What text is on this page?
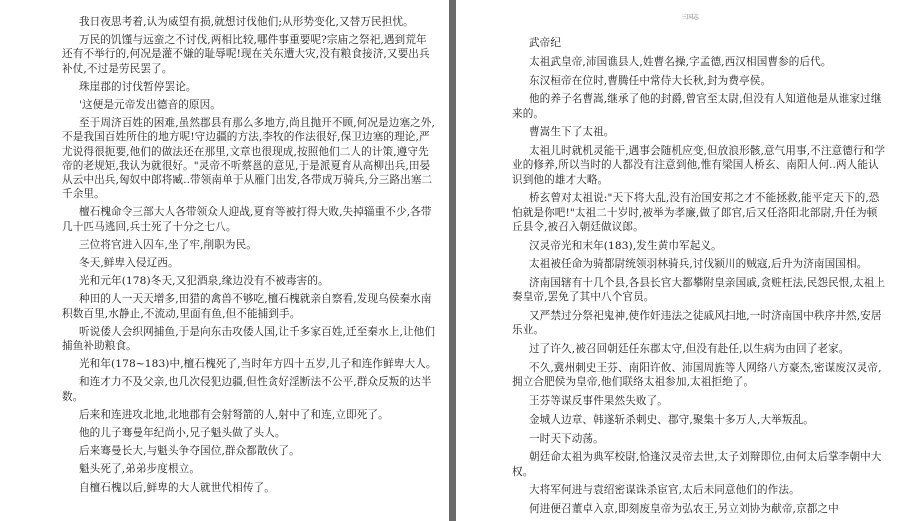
我日夜思考着,认为威望有损,就想讨伐他们;从形势变化,又替万民担忧。

万民的饥馑与远蛮之不讨伐,两相比较,哪件事重要呢?宗庙之祭祀,遇到荒年还有不举行的,何况是灌不嫌的耻辱呢!现在关东遭大灾,没有粮食接济,又要出兵补仗,不过是劳民罢了。

珠崖郡的讨伐暂停罢论。

'这便是元帝发出德音的原因。

至于周济百姓的困难,虽然郡县有那么多地方,尚且抛开不顾,何况是边塞之外,不是我国百姓所住的地方呢!守边疆的方法,李牧的作法很好,保卫边塞的理论,严尤说得很扼要,他们的做法还在那里,文章也很现成,按照他们二人的计策,遵守先帝的老规矩,我认为就很好。"灵帝不听蔡邕的意见,于是派夏育从高柳出兵,田晏从云中出兵,匈奴中郎将臧..带领南单于从雁门出发,各带成万骑兵,分三路出塞二千余里。

檀石槐命令三部大人各带领众人迎战,夏育等被打得大败,失掉辎重不少,各带几十匹马逃回,兵士死了十分之七八。

三位将官进入囚车,坐了牢,削职为民。

冬天,鲜卑入侵辽西。

光和元年(178)冬天,又犯酒泉,缘边没有不被毒害的。

种田的人一天天增多,田猎的禽兽不够吃,檀石槐就亲自察看,发现乌侯秦水南积数百里,水静止,不流动,里面有鱼,但不能捕到手。

听说倭人会织网捕鱼,于是向东击攻倭人国,让千多家百姓,迁至秦水上,让他们捕鱼补助粮食。

光和年(178~183)中,檀石槐死了,当时年方四十五岁,儿子和连作鲜卑大人。

和连才力不及父亲,也几次侵犯边疆,但性贪好淫断法不公平,群众反叛的达半数。

后来和连进攻北地,北地郡有会射弩箭的人,射中了和连,立即死了。

他的儿子骞曼年纪尚小,兄子魁头做了头人。

后来骞曼长大,与魁头争夺国位,群众都散伙了。

魁头死了,弟弟步度根立。

自檀石槐以后,鲜卑的大人就世代相传了。

三国志

武帝纪

太祖武皇帝,沛国谯县人,姓曹名操,字孟德,西汉相国曹参的后代。

东汉桓帝在位时,曹腾任中常侍大长秋,封为费亭侯。

他的养子名曹嵩,继承了他的封爵,曾官至太尉,但没有人知道他是从谁家过继来的。

曹嵩生下了太祖。

太祖儿时就机灵能干,遇事会随机应变,但放浪形骸,意气用事,不注意德行和学业的修养,所以当时的人都没有注意到他,惟有梁国人桥玄、南阳人何..两人能认识到他的雄才大略。

桥玄曾对太祖说:"天下将大乱,没有治国安邦之才不能拯救,能平定天下的,恐怕就是你吧!"太祖二十岁时,被举为孝廉,做了郎官,后又任洛阳北部尉,升任为顿丘县令,被召入朝廷做议郎。

汉灵帝光和末年(183),发生黄巾军起义。

太祖被任命为骑都尉统领羽林骑兵,讨伐颍川的贼寇,后升为济南国国相。

济南国辖有十几个县,各县长官大都攀附皇亲国戚,贪赃枉法,民怨民恨,太祖上奏皇帝,罢免了其中八个官员。

又严禁过分祭祀鬼神,使作奸违法之徒戚风扫地,一时济南国中秩序井然,安居乐业。

过了许久,被召回朝廷任东郡太守,但没有赴任,以生病为由回了老家。

不久,冀州刺史王芬、南阳许攸、沛国周旌等人网络八方豪杰,密谋废汉灵帝,拥立合肥侯为皇帝,他们联络太祖参加,太祖拒绝了。

王芬等谋反事件果然失败了。

金城人边章、韩遂斩杀刺史、郡守,聚集十多万人,大举叛乱。

一时天下动荡。

朝廷命太祖为典军校尉,恰逢汉灵帝去世,太子刘辩即位,由何太后掌李朝中大权。

大将军何进与袁绍密谋诛杀宦官,太后未同意他们的作法。

何进便召董卓入京,即刻废皇帝为弘农王,另立刘协为献帝,京都之中
